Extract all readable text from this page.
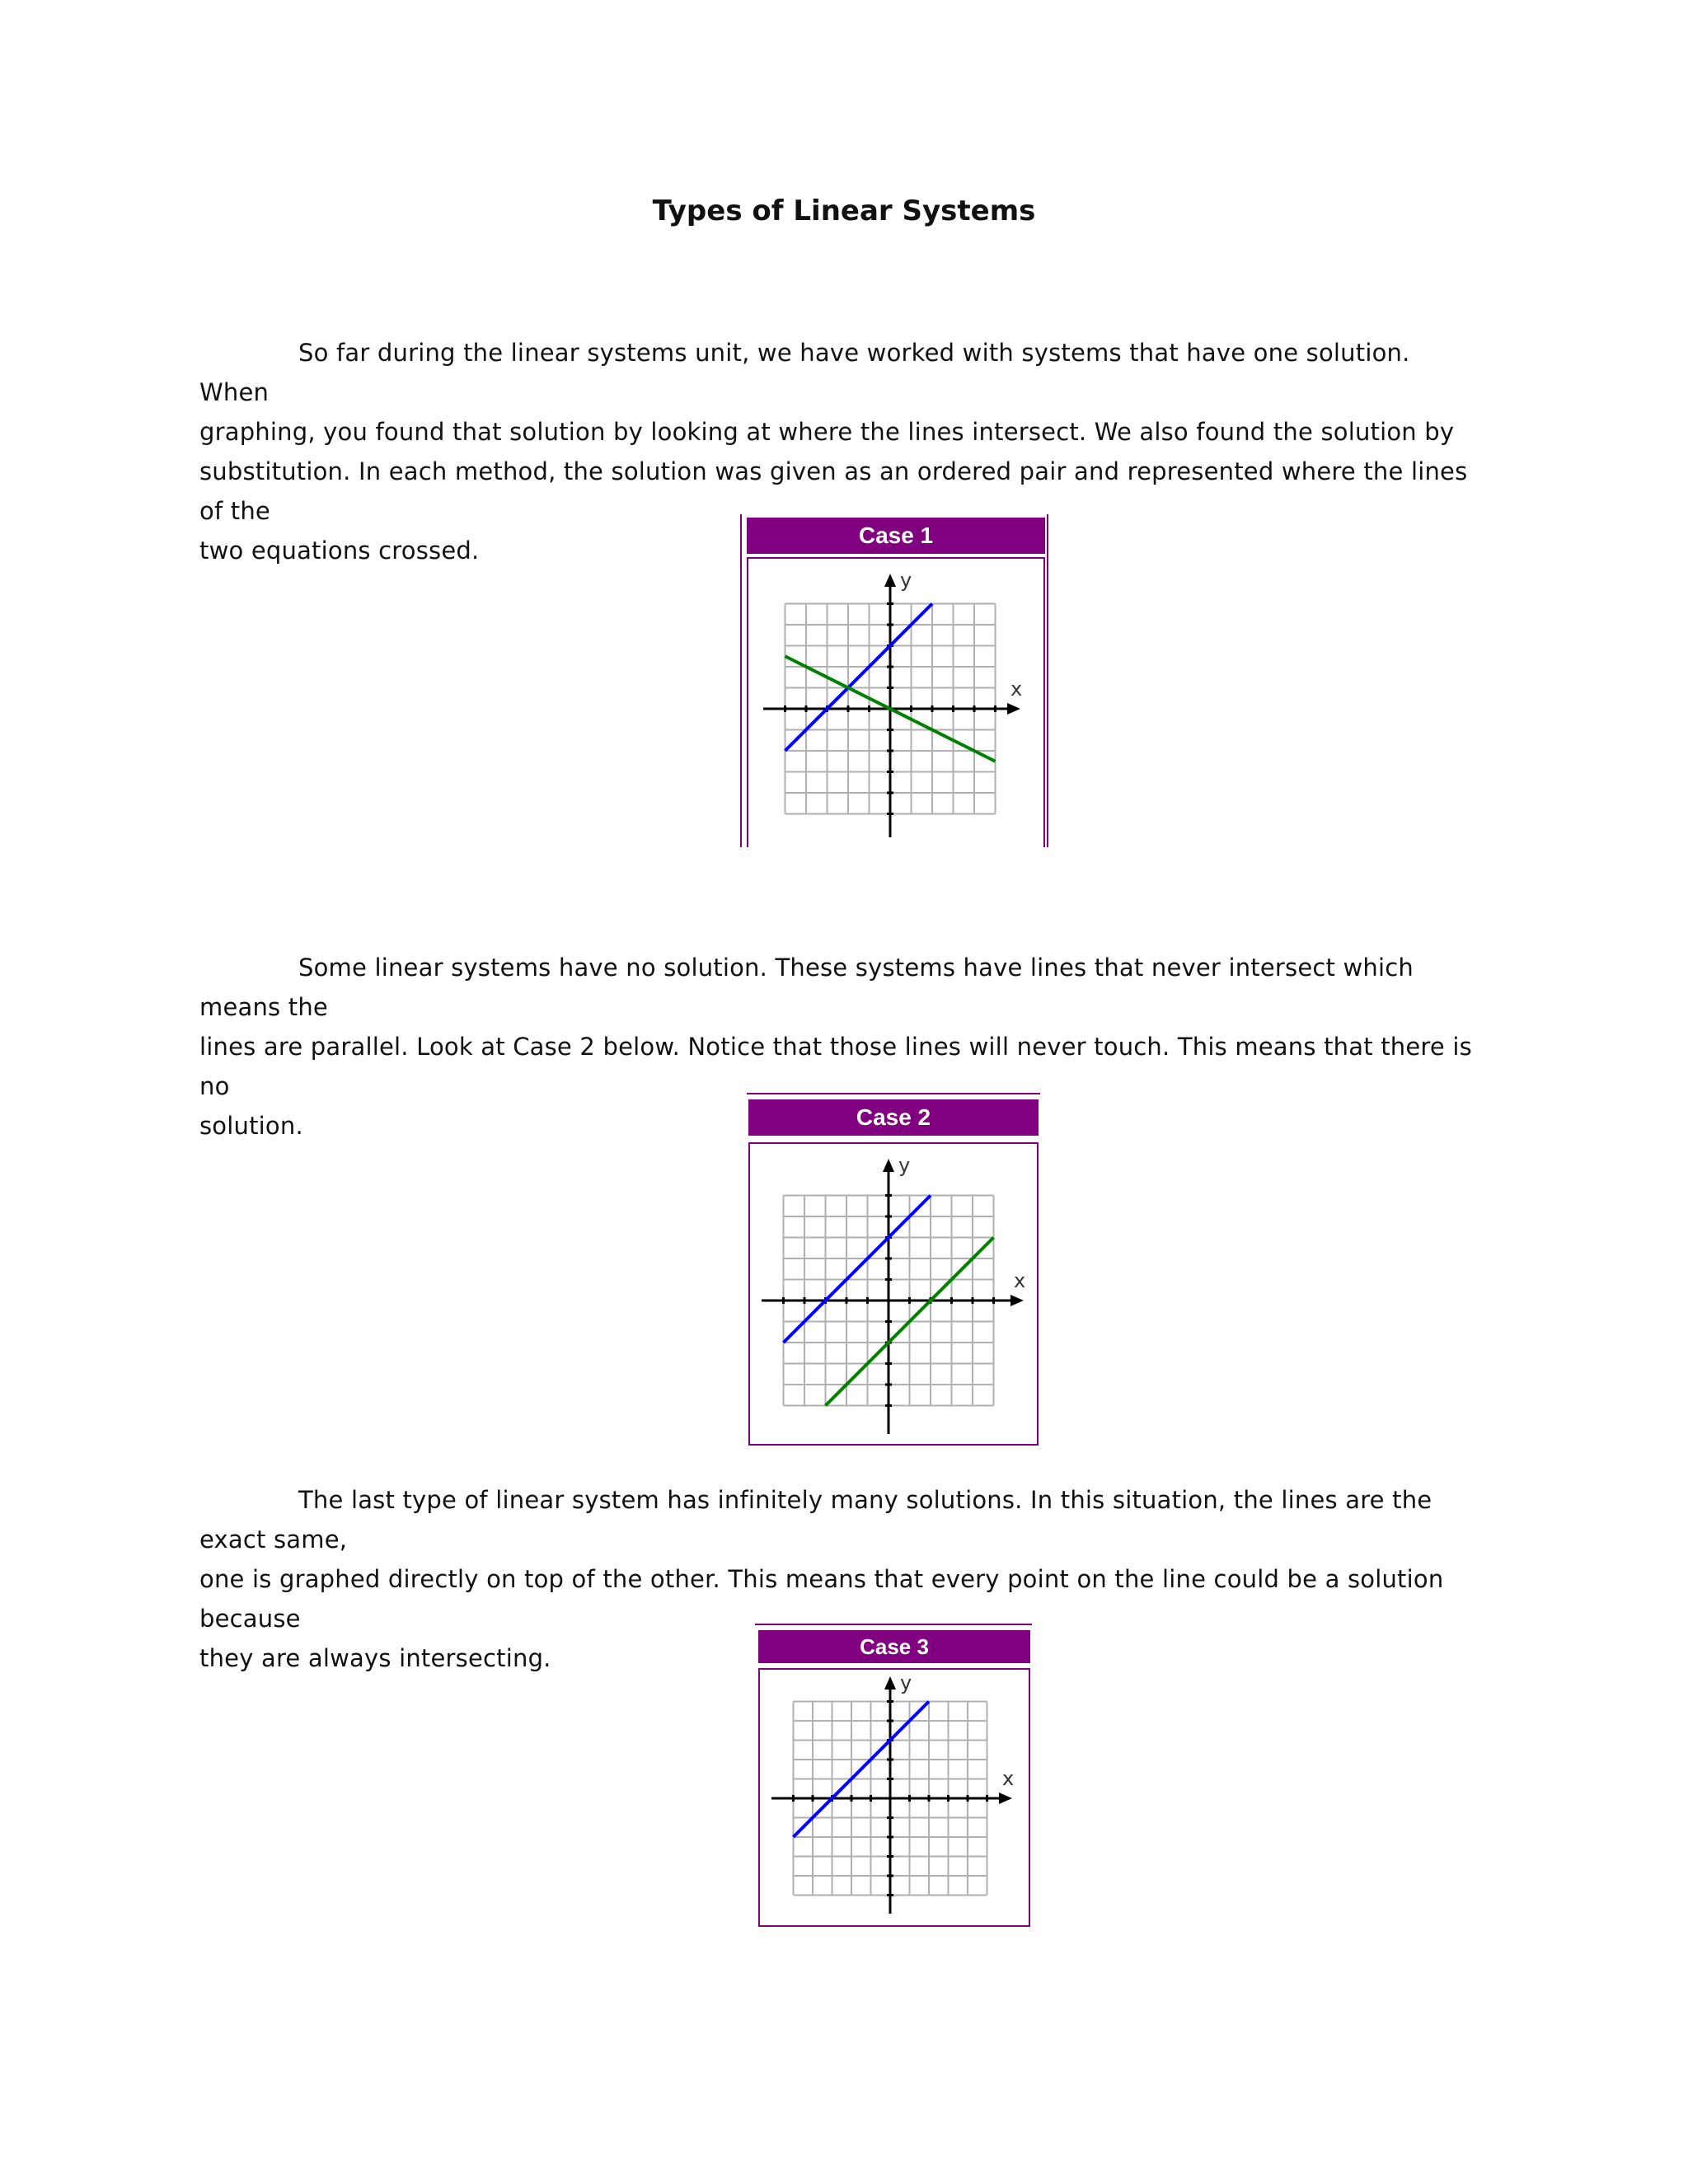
Types of Linear Systems
So far during the linear systems unit, we have worked with systems that have one solution. When
graphing, you found that solution by looking at where the lines intersect. We also found the solution by
substitution. In each method, the solution was given as an ordered pair and represented where the lines of the
two equations crossed.
Case 1
x
y
Some linear systems have no solution. These systems have lines that never intersect which means the
lines are parallel. Look at Case 2 below. Notice that those lines will never touch. This means that there is no
solution.	Case 2
x
y
The last type of linear system has infinitely many solutions. In this situation, the lines are the exact same,
one is graphed directly on top of the other. This means that every point on the line could be a solution because
they are always intersecting.	Case 3
x
y
